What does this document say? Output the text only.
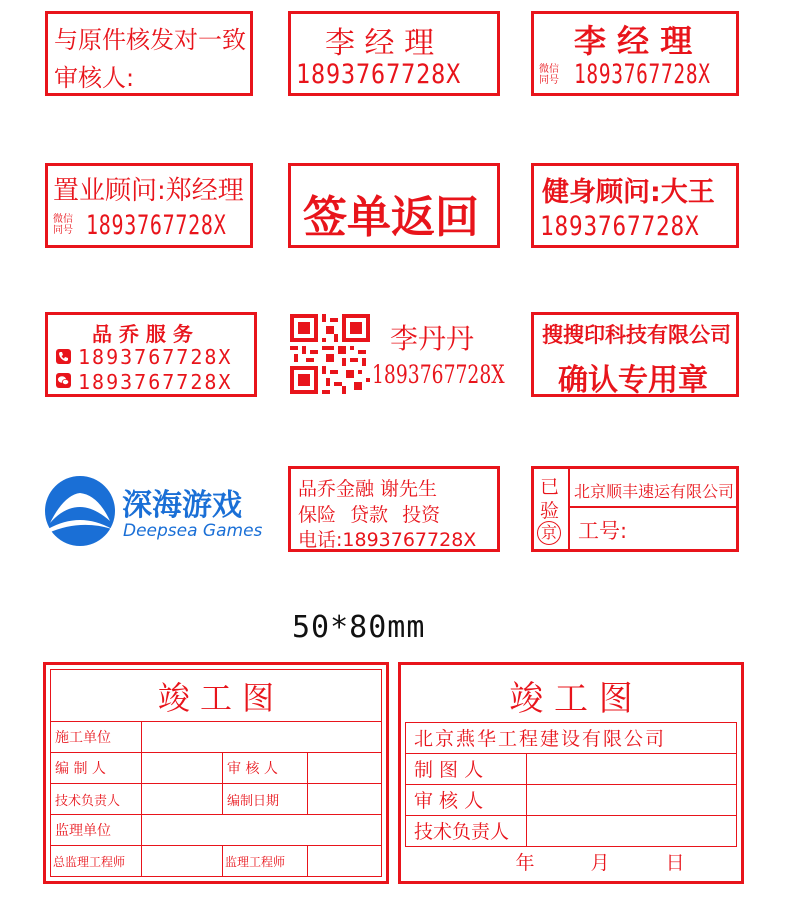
与原件核发对一致
审核人:
李 经 理
1893767728X
李 经 理
微信
同号 1893767728X
置业顾问:郑经理
微信
同号 1893767728X 签单返回 健身顾问:大王
1893767728X
品 乔 服 务
1893767728X
1893767728X
李丹丹
1893767728X
搜搜印科技有限公司
确认专用章
深海游戏
Deepsea Games
品乔金融 谢先生
保险 贷款 投资
电话:1893767728X
已
验
京
北京顺丰速运有限公司
工号:
50*80mm
竣 工 图			
施工单位			
编 制 人		审 核 人	
技术负责人		编制日期	
监理单位			
总监理工程师		监理工程师	
竣 工 图	
北京燕华工程建设有限公司	
制 图 人	
审 核 人	
技术负责人	
年 月 日	
